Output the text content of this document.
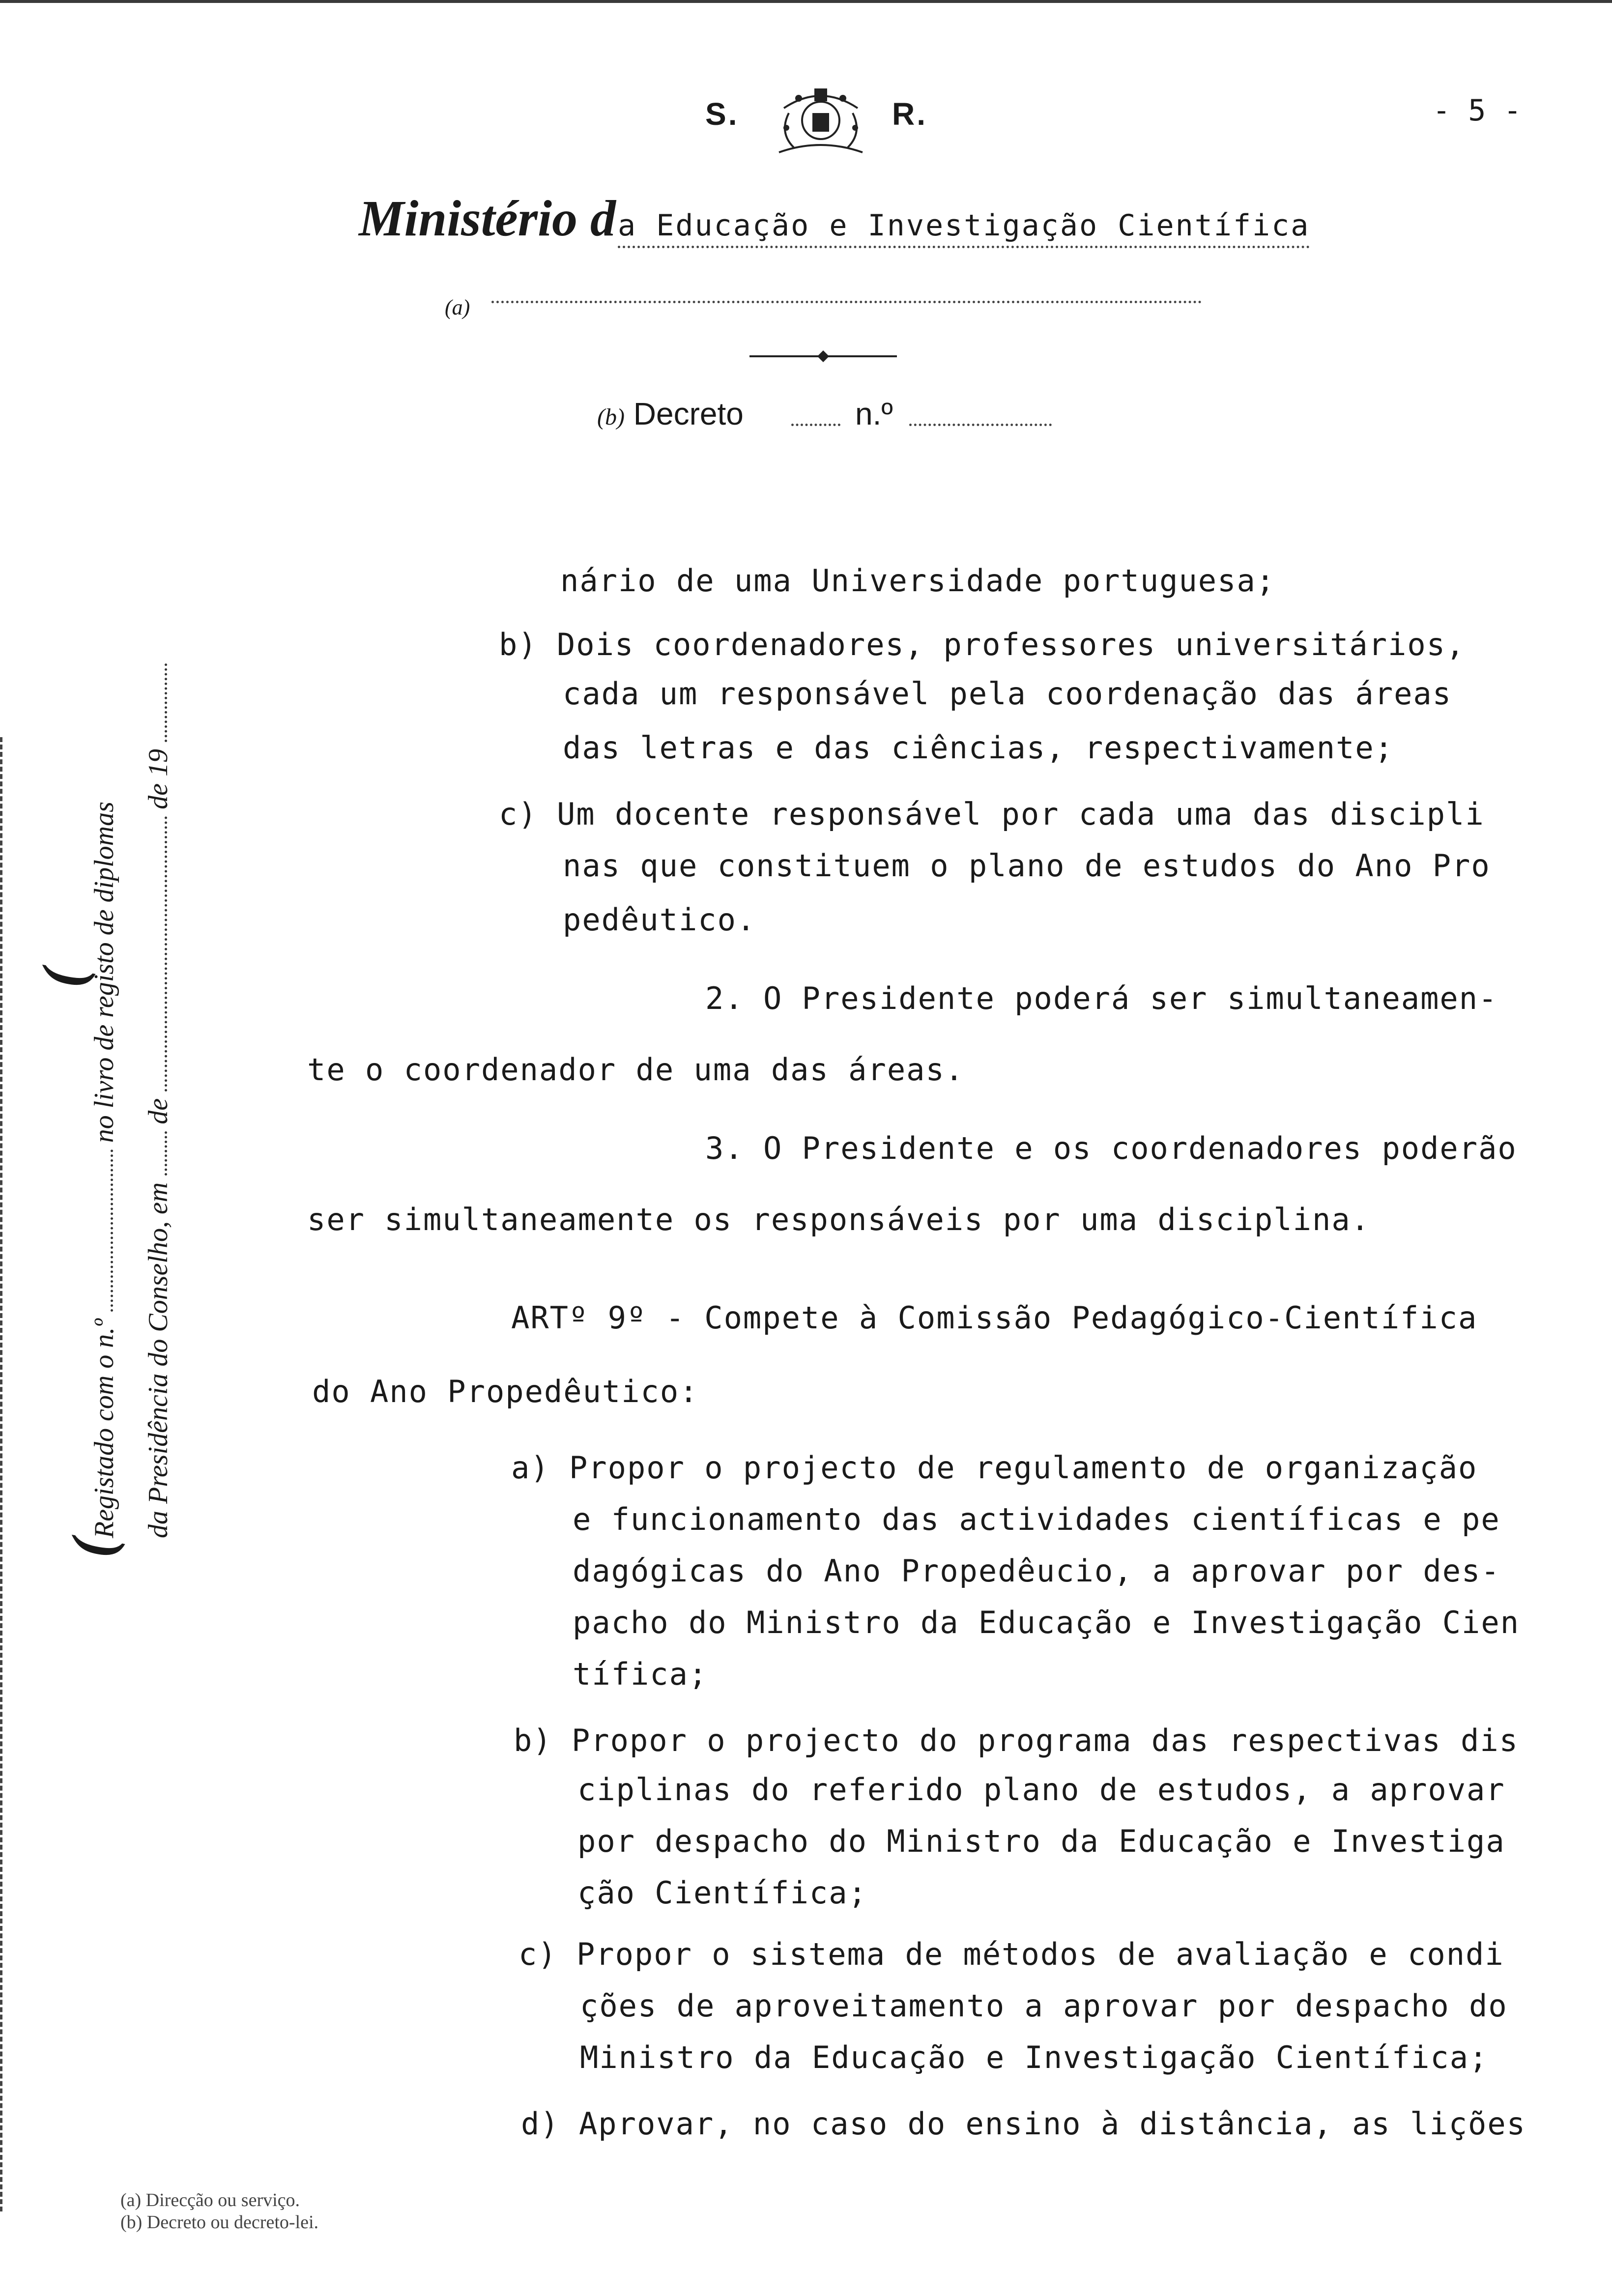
S.	R.	- 5 -
Ministério da Educação e Investigação Científica
(a)
(b) Decreto	n.º
(
Registado com o n.º  no livro de registo de diplomas
(
da Presidência do Conselho, em  de  de 19
nário de uma Universidade portuguesa;
b) Dois coordenadores, professores universitários,
cada um responsável pela coordenação das áreas
das letras e das ciências, respectivamente;
c) Um docente responsável por cada uma das discipli
nas que constituem o plano de estudos do Ano Pro
pedêutico.
2. O Presidente poderá ser simultaneamen-
te o coordenador de uma das áreas.
3. O Presidente e os coordenadores poderão
ser simultaneamente os responsáveis por uma disciplina.
ARTº 9º - Compete à Comissão Pedagógico-Científica
do Ano Propedêutico:
a) Propor o projecto de regulamento de organização
e funcionamento das actividades científicas e pe
dagógicas do Ano Propedêucio, a aprovar por des-
pacho do Ministro da Educação e Investigação Cien
tífica;
b) Propor o projecto do programa das respectivas dis
ciplinas do referido plano de estudos, a aprovar
por despacho do Ministro da Educação e Investiga
ção Científica;
c) Propor o sistema de métodos de avaliação e condi
ções de aproveitamento a aprovar por despacho do
Ministro da Educação e Investigação Científica;
d) Aprovar, no caso do ensino à distância, as lições
(a) Direcção ou serviço.
(b) Decreto ou decreto-lei.
